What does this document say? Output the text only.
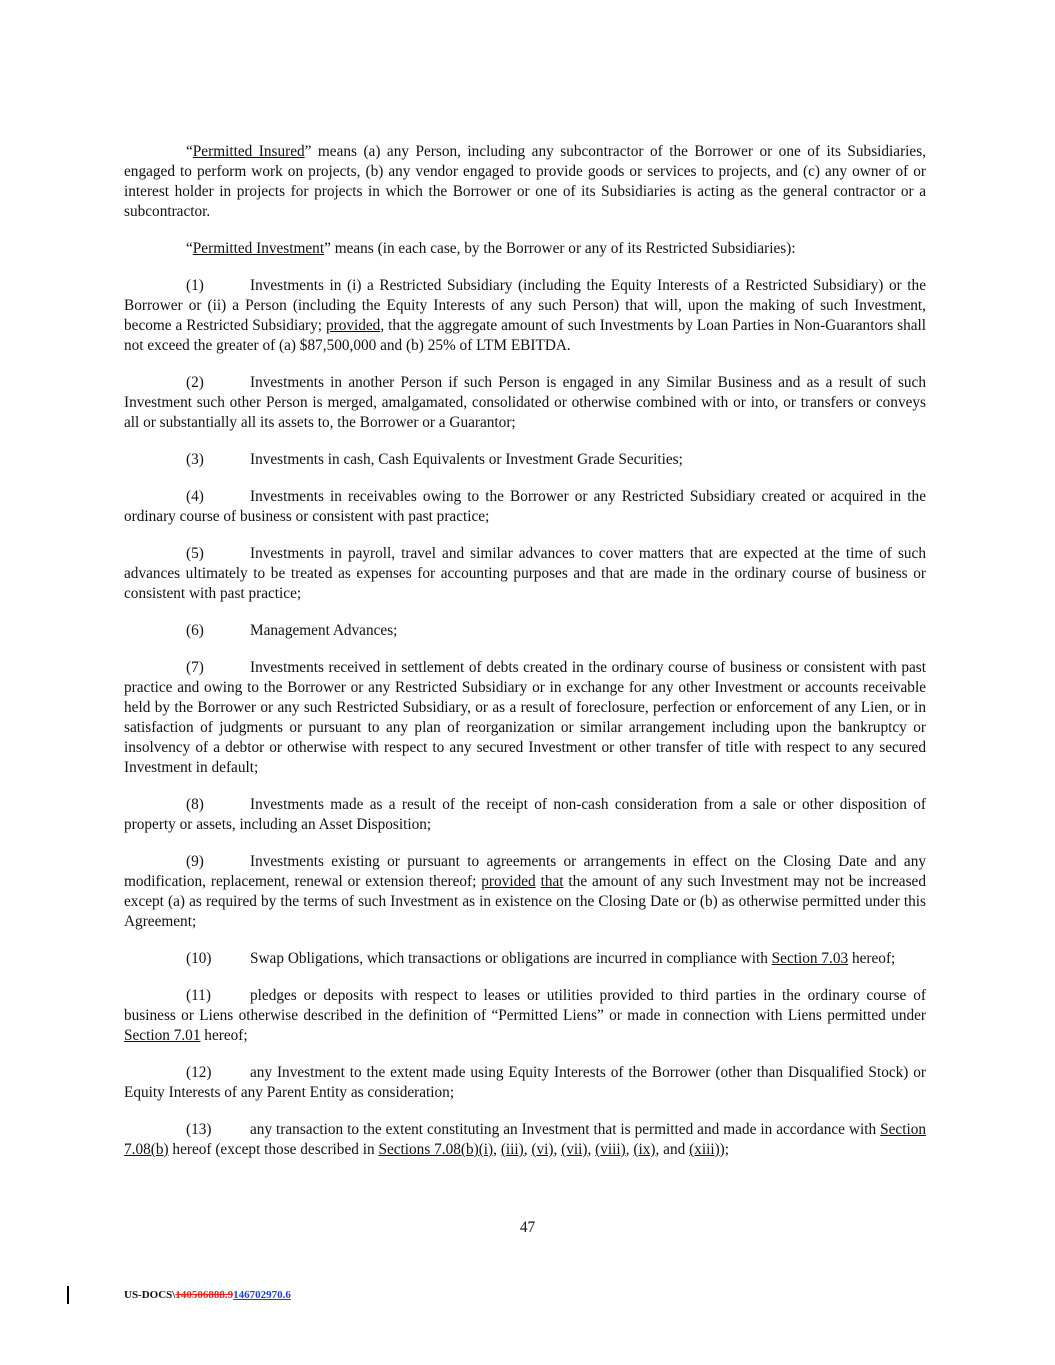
“Permitted Insured” means (a) any Person, including any subcontractor of the Borrower or one of its Subsidiaries, engaged to perform work on projects, (b) any vendor engaged to provide goods or services to projects, and (c) any owner of or interest holder in projects for projects in which the Borrower or one of its Subsidiaries is acting as the general contractor or a subcontractor.

“Permitted Investment” means (in each case, by the Borrower or any of its Restricted Subsidiaries):

(1)	Investments in (i) a Restricted Subsidiary (including the Equity Interests of a Restricted Subsidiary) or the Borrower or (ii) a Person (including the Equity Interests of any such Person) that will, upon the making of such Investment, become a Restricted Subsidiary; provided, that the aggregate amount of such Investments by Loan Parties in Non-Guarantors shall not exceed the greater of (a) $87,500,000 and (b) 25% of LTM EBITDA.

(2)	Investments in another Person if such Person is engaged in any Similar Business and as a result of such Investment such other Person is merged, amalgamated, consolidated or otherwise combined with or into, or transfers or conveys all or substantially all its assets to, the Borrower or a Guarantor;

(3)	Investments in cash, Cash Equivalents or Investment Grade Securities;

(4)	Investments in receivables owing to the Borrower or any Restricted Subsidiary created or acquired in the ordinary course of business or consistent with past practice;

(5)	Investments in payroll, travel and similar advances to cover matters that are expected at the time of such advances ultimately to be treated as expenses for accounting purposes and that are made in the ordinary course of business or consistent with past practice;

(6)	Management Advances;

(7)	Investments received in settlement of debts created in the ordinary course of business or consistent with past practice and owing to the Borrower or any Restricted Subsidiary or in exchange for any other Investment or accounts receivable held by the Borrower or any such Restricted Subsidiary, or as a result of foreclosure, perfection or enforcement of any Lien, or in satisfaction of judgments or pursuant to any plan of reorganization or similar arrangement including upon the bankruptcy or insolvency of a debtor or otherwise with respect to any secured Investment or other transfer of title with respect to any secured Investment in default;

(8)	Investments made as a result of the receipt of non-cash consideration from a sale or other disposition of property or assets, including an Asset Disposition;

(9)	Investments existing or pursuant to agreements or arrangements in effect on the Closing Date and any modification, replacement, renewal or extension thereof; provided that the amount of any such Investment may not be increased except (a) as required by the terms of such Investment as in existence on the Closing Date or (b) as otherwise permitted under this Agreement;

(10)	Swap Obligations, which transactions or obligations are incurred in compliance with Section 7.03 hereof;

(11)	pledges or deposits with respect to leases or utilities provided to third parties in the ordinary course of business or Liens otherwise described in the definition of “Permitted Liens” or made in connection with Liens permitted under Section 7.01 hereof;

(12)	any Investment to the extent made using Equity Interests of the Borrower (other than Disqualified Stock) or Equity Interests of any Parent Entity as consideration;

(13)	any transaction to the extent constituting an Investment that is permitted and made in accordance with Section 7.08(b) hereof (except those described in Sections 7.08(b)(i), (iii), (vi), (vii), (viii), (ix), and (xiii));

47
US-DOCS\140506888.9146702970.6
